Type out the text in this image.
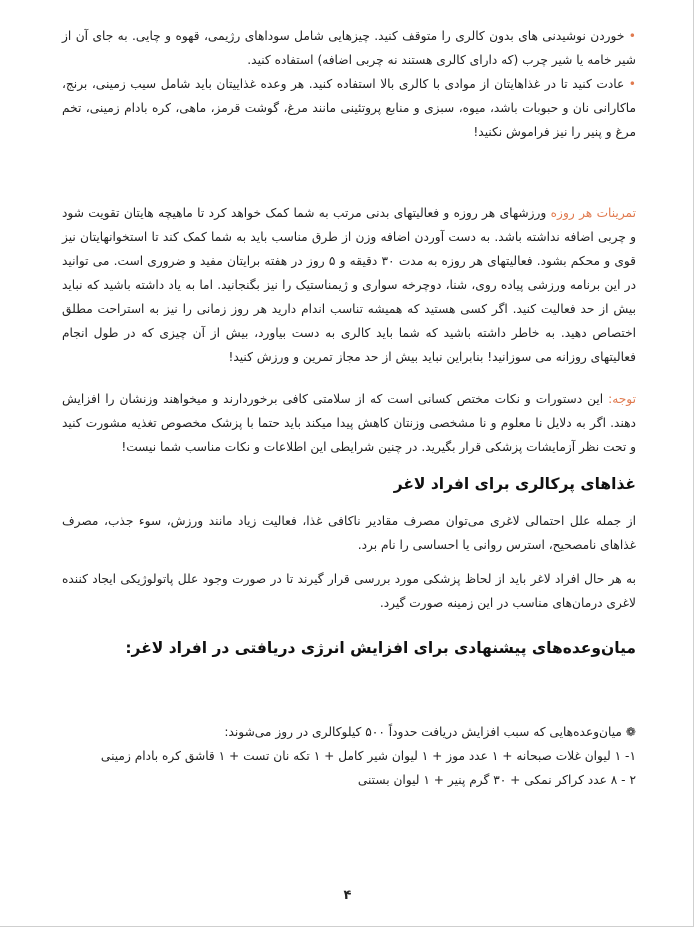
• خوردن نوشیدنی های بدون کالری را متوقف کنید. چیزهایی شامل سوداهای رژیمی، قهوه و چایی. به جای آن از شیر خامه یا شیر چرب (که دارای کالری هستند نه چربی اضافه) استفاده کنید.

• عادت کنید تا در غذاهایتان از موادی با کالری بالا استفاده کنید. هر وعده غذاییتان باید شامل سیب زمینی، برنج، ماکارانی نان و حبوبات باشد، میوه، سبزی و منابع پروتئینی مانند مرغ، گوشت قرمز، ماهی، کره بادام زمینی، تخم مرغ و پنیر را نیز فراموش نکنید!

تمرینات هر روزه ورزشهای هر روزه و فعالیتهای بدنی مرتب به شما کمک خواهد کرد تا ماهیچه هایتان تقویت شود و چربی اضافه نداشته باشد. به دست آوردن اضافه وزن از طرق مناسب باید به شما کمک کند تا استخوانهایتان نیز قوی و محکم بشود. فعالیتهای هر روزه به مدت ۳۰ دقیقه و ۵ روز در هفته برایتان مفید و ضروری است. می توانید در این برنامه ورزشی پیاده روی، شنا، دوچرخه سواری و ژیمناستیک را نیز بگنجانید. اما به یاد داشته باشید که نباید بیش از حد فعالیت کنید. اگر کسی هستید که همیشه تناسب اندام دارید هر روز زمانی را نیز به استراحت مطلق اختصاص دهید. به خاطر داشته باشید که شما باید کالری به دست بیاورد، بیش از آن چیزی که در طول انجام فعالیتهای روزانه می سوزانید! بنابراین نباید بیش از حد مجاز تمرین و ورزش کنید!

توجه: این دستورات و نکات مختص کسانی است که از سلامتی کافی برخوردارند و میخواهند وزنشان را افزایش دهند. اگر به دلایل نا معلوم و نا مشخصی وزنتان کاهش پیدا میکند باید حتما با پزشک مخصوص تغذیه مشورت کنید و تحت نظر آزمایشات پزشکی قرار بگیرید. در چنین شرایطی این اطلاعات و نکات مناسب شما نیست!

غذاهای پرکالری برای افراد لاغر

از جمله علل احتمالی لاغری می‌توان مصرف مقادیر ناکافی غذا، فعالیت زیاد مانند ورزش، سوء جذب، مصرف غذاهای نامصحیح، استرس روانی یا احساسی را نام برد.

به هر حال افراد لاغر باید از لحاظ پزشکی مورد بررسی قرار گیرند تا در صورت وجود علل پاتولوژیکی ایجاد کننده لاغری درمان‌های مناسب در این زمینه صورت گیرد.

میان‌وعده‌های پیشنهادی برای افزایش انرژی دریافتی در افراد لاغر:

❁ میان‌وعده‌هایی که سبب افزایش دریافت حدوداً ۵۰۰ کیلوکالری در روز می‌شوند:

۱- ۱ لیوان غلات صبحانه + ۱ عدد موز + ۱ لیوان شیر کامل + ۱ تکه نان تست + ۱ قاشق کره بادام زمینی

۲ - ۸ عدد کراکر نمکی + ۳۰ گرم پنیر + ۱ لیوان بستنی

۴
